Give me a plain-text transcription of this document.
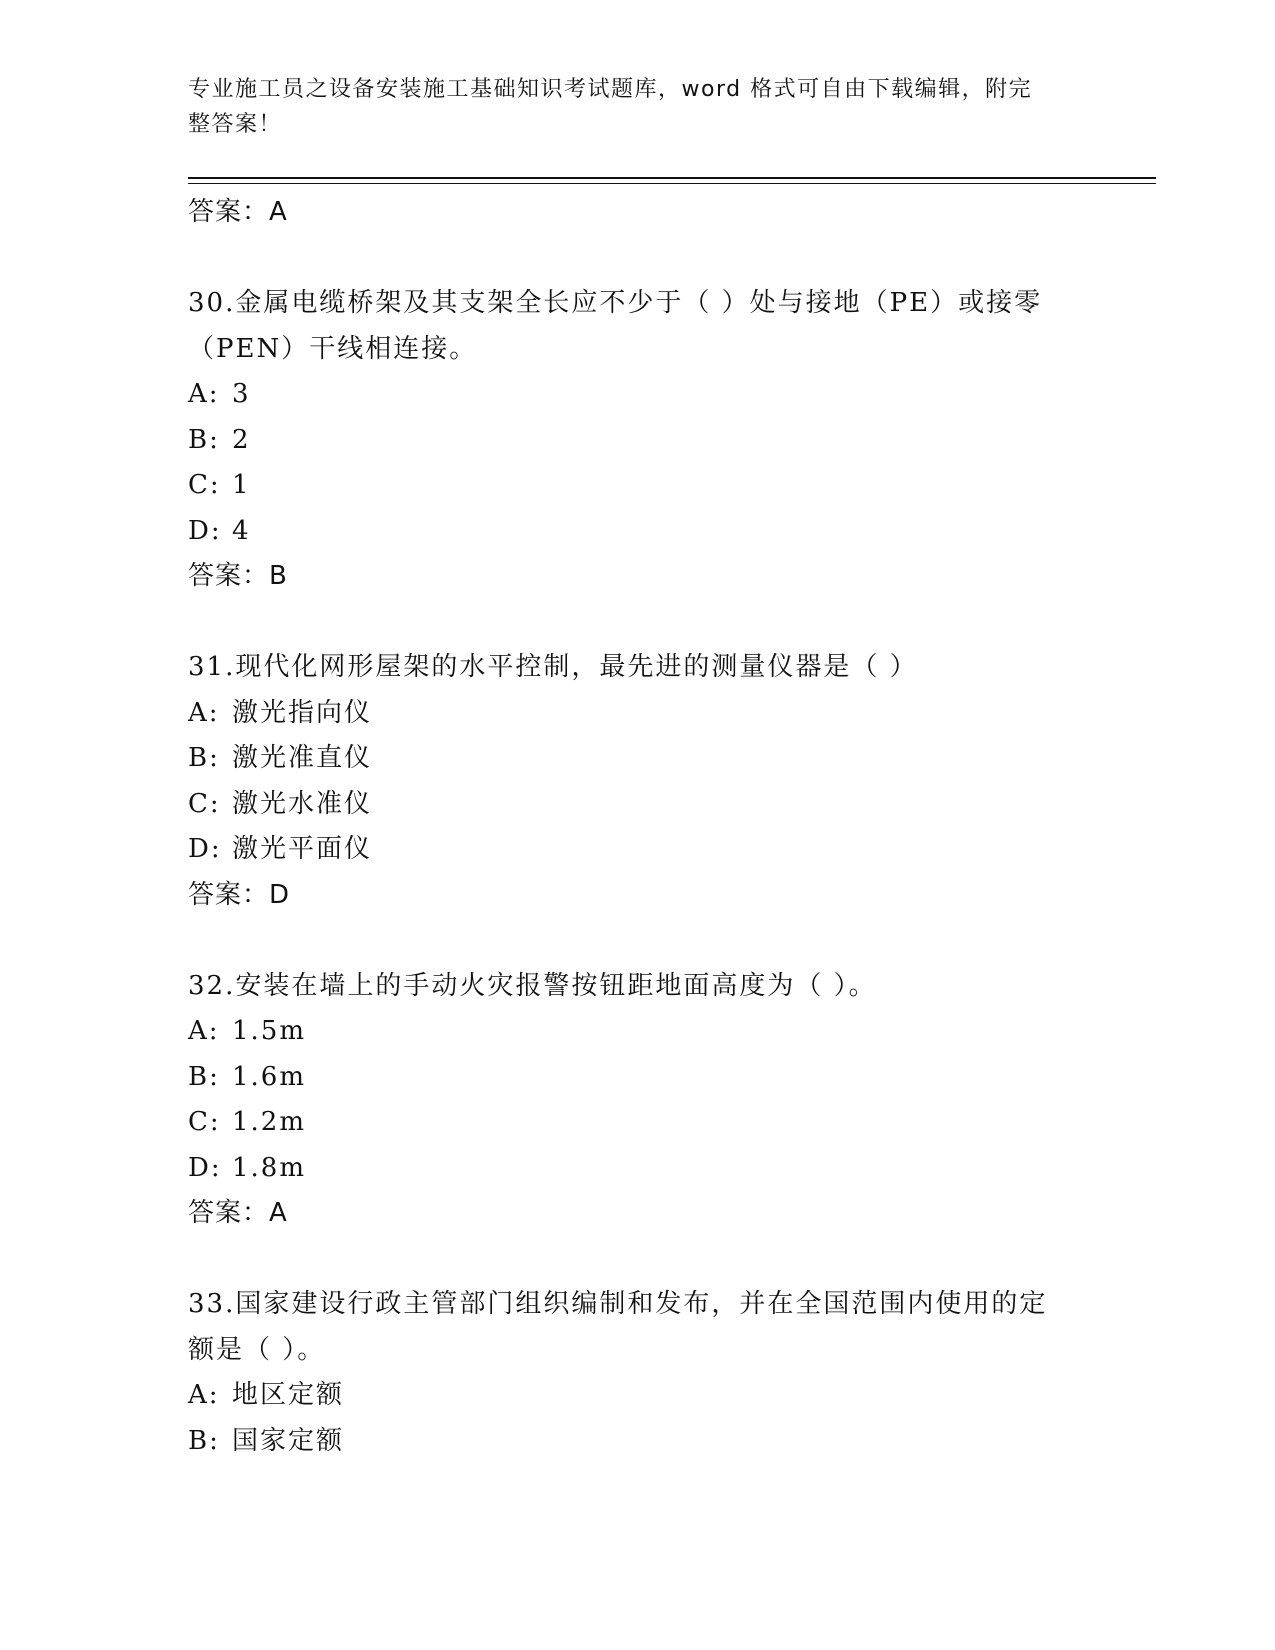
专业施工员之设备安装施工基础知识考试题库，word 格式可自由下载编辑，附完
整答案！
答案：A
30.金属电缆桥架及其支架全长应不少于（ ）处与接地（PE）或接零
（PEN）干线相连接。
A: 3
B: 2
C: 1
D: 4
答案：B
31.现代化网形屋架的水平控制，最先进的测量仪器是（ ）
A: 激光指向仪
B: 激光准直仪
C: 激光水准仪
D: 激光平面仪
答案：D
32.安装在墙上的手动火灾报警按钮距地面高度为（ ）。
A: 1.5m
B: 1.6m
C: 1.2m
D: 1.8m
答案：A
33.国家建设行政主管部门组织编制和发布，并在全国范围内使用的定
额是（ ）。
A: 地区定额
B: 国家定额
